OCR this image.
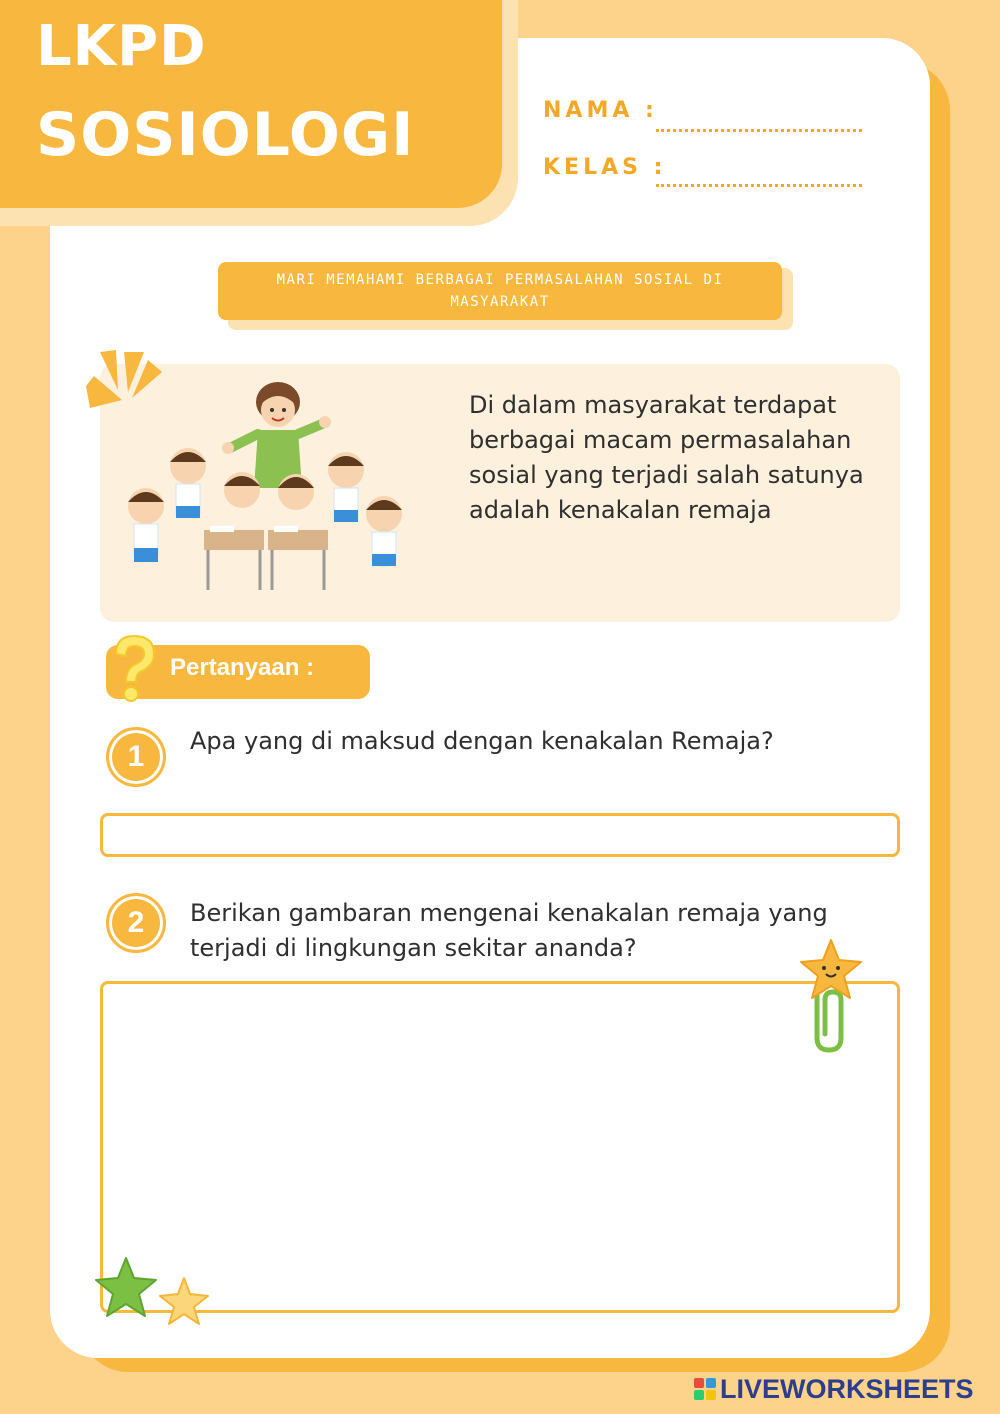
LKPD
SOSIOLOGI	NAMA :
KELAS :
MARI MEMAHAMI BERBAGAI PERMASALAHAN SOSIAL DI MASYARAKAT
Di dalam masyarakat terdapat berbagai macam permasalahan sosial yang terjadi salah satunya adalah kenakalan remaja
Pertanyaan :
1	Apa yang di maksud dengan kenakalan Remaja?
2	Berikan gambaran mengenai kenakalan remaja yang terjadi di lingkungan sekitar ananda?
LIVEWORKSHEETS
